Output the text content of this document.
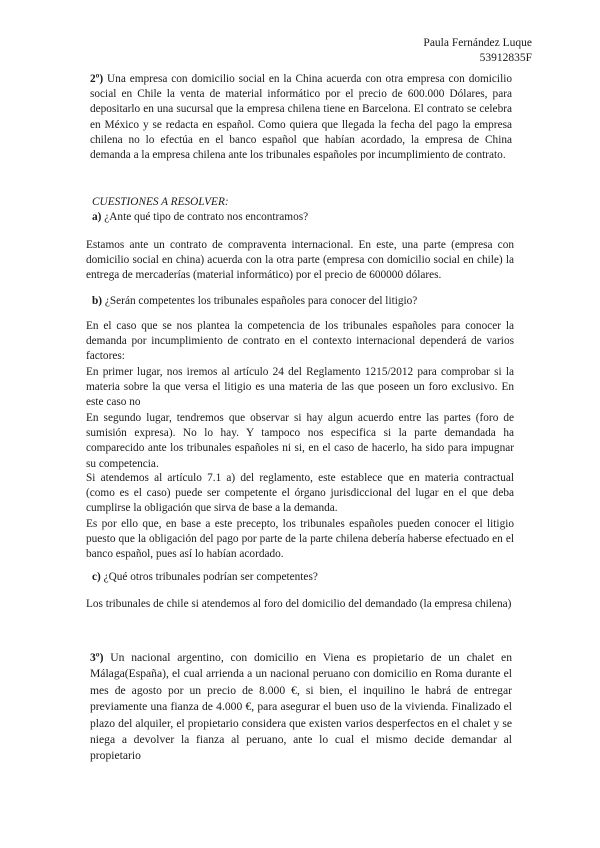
Paula Fernández Luque
53912835F

2º) Una empresa con domicilio social en la China acuerda con otra empresa con domicilio social en Chile la venta de material informático por el precio de 600.000 Dólares, para depositarlo en una sucursal que la empresa chilena tiene en Barcelona. El contrato se celebra en México y se redacta en español. Como quiera que llegada la fecha del pago la empresa chilena no lo efectúa en el banco español que habían acordado, la empresa de China demanda a la empresa chilena ante los tribunales españoles por incumplimiento de contrato.

CUESTIONES A RESOLVER:

a) ¿Ante qué tipo de contrato nos encontramos?

Estamos ante un contrato de compraventa internacional. En este, una parte (empresa con domicilio social en china) acuerda con la otra parte (empresa con domicilio social en chile) la entrega de mercaderías (material informático) por el precio de 600000 dólares.

b) ¿Serán competentes los tribunales españoles para conocer del litigio?

En el caso que se nos plantea la competencia de los tribunales españoles para conocer la demanda por incumplimiento de contrato en el contexto internacional dependerá de varios factores:

En primer lugar, nos iremos al artículo 24 del Reglamento 1215/2012 para comprobar si la materia sobre la que versa el litigio es una materia de las que poseen un foro exclusivo. En este caso no

En segundo lugar, tendremos que observar si hay algun acuerdo entre las partes (foro de sumisión expresa). No lo hay. Y tampoco nos especifica si la parte demandada ha comparecido ante los tribunales españoles ni si, en el caso de hacerlo, ha sido para impugnar su competencia.

Si atendemos al artículo 7.1 a) del reglamento, este establece que en materia contractual (como es el caso) puede ser competente el órgano jurisdiccional del lugar en el que deba cumplirse la obligación que sirva de base a la demanda.

Es por ello que, en base a este precepto, los tribunales españoles pueden conocer el litigio puesto que la obligación del pago por parte de la parte chilena debería haberse efectuado en el banco español, pues así lo habían acordado.

c) ¿Qué otros tribunales podrían ser competentes?

Los tribunales de chile si atendemos al foro del domicilio del demandado (la empresa chilena)

3º) Un nacional argentino, con domicilio en Viena es propietario de un chalet en Málaga(España), el cual arrienda a un nacional peruano con domicilio en Roma durante el mes de agosto por un precio de 8.000 €, si bien, el inquilino le habrá de entregar previamente una fianza de 4.000 €, para asegurar el buen uso de la vivienda. Finalizado el plazo del alquiler, el propietario considera que existen varios desperfectos en el chalet y se niega a devolver la fianza al peruano, ante lo cual el mismo decide demandar al propietario
